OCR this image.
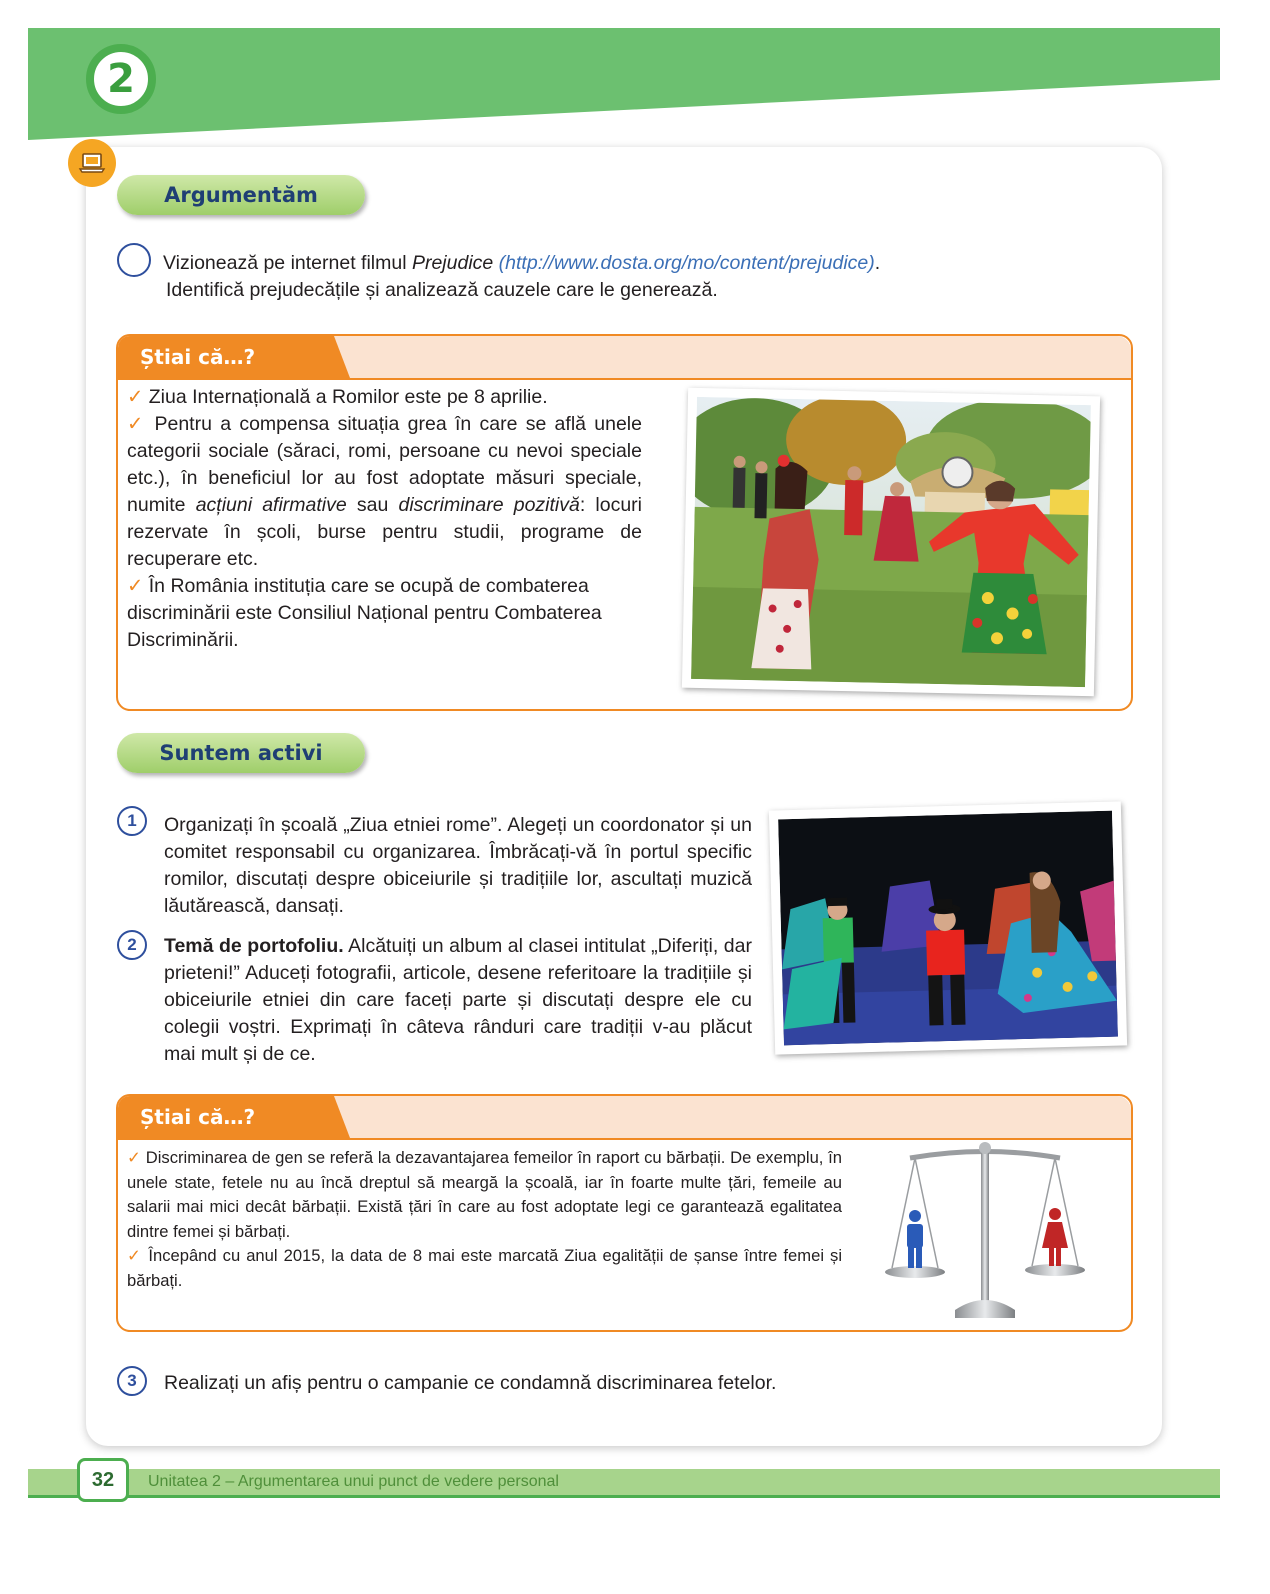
2
Argumentăm
Vizionează pe internet filmul Prejudice (http://www.dosta.org/mo/content/prejudice).
Identifică prejudecățile și analizează cauzele care le generează.
Știai că…?
✓ Ziua Internațională a Romilor este pe 8 aprilie.
✓ Pentru a compensa situația grea în care se află unele categorii sociale (săraci, romi, persoane cu nevoi speciale etc.), în beneficiul lor au fost adoptate măsuri speciale, numite acțiuni afirmative sau discriminare pozitivă: locuri rezervate în școli, burse pentru studii, programe de recuperare etc.
✓ În România instituția care se ocupă de combaterea discriminării este Consiliul Național pentru Combaterea Discriminării.
Suntem activi
1	Organizați în școală „Ziua etniei rome”. Alegeți un coordonator și un comitet responsabil cu organizarea. Îmbrăcați-vă în portul specific romilor, discutați despre obiceiurile și tradițiile lor, ascultați muzică lăutărească, dansați.
2	Temă de portofoliu. Alcătuiți un album al clasei intitulat „Diferiți, dar prieteni!” Aduceți fotografii, articole, desene referitoare la tradițiile și obiceiurile etniei din care faceți parte și discutați despre ele cu colegii voștri. Exprimați în câteva rânduri care tradiții v-au plăcut mai mult și de ce.
Știai că…?
✓ Discriminarea de gen se referă la dezavantajarea femeilor în raport cu bărbații. De exemplu, în unele state, fetele nu au încă dreptul să meargă la școală, iar în foarte multe țări, femeile au salarii mai mici decât bărbații. Există țări în care au fost adoptate legi ce garantează egalitatea dintre femei și bărbați.
✓ Începând cu anul 2015, la data de 8 mai este marcată Ziua egalității de șanse între femei și bărbați.
3	Realizați un afiș pentru o campanie ce condamnă discriminarea fetelor.
32	Unitatea 2 – Argumentarea unui punct de vedere personal
